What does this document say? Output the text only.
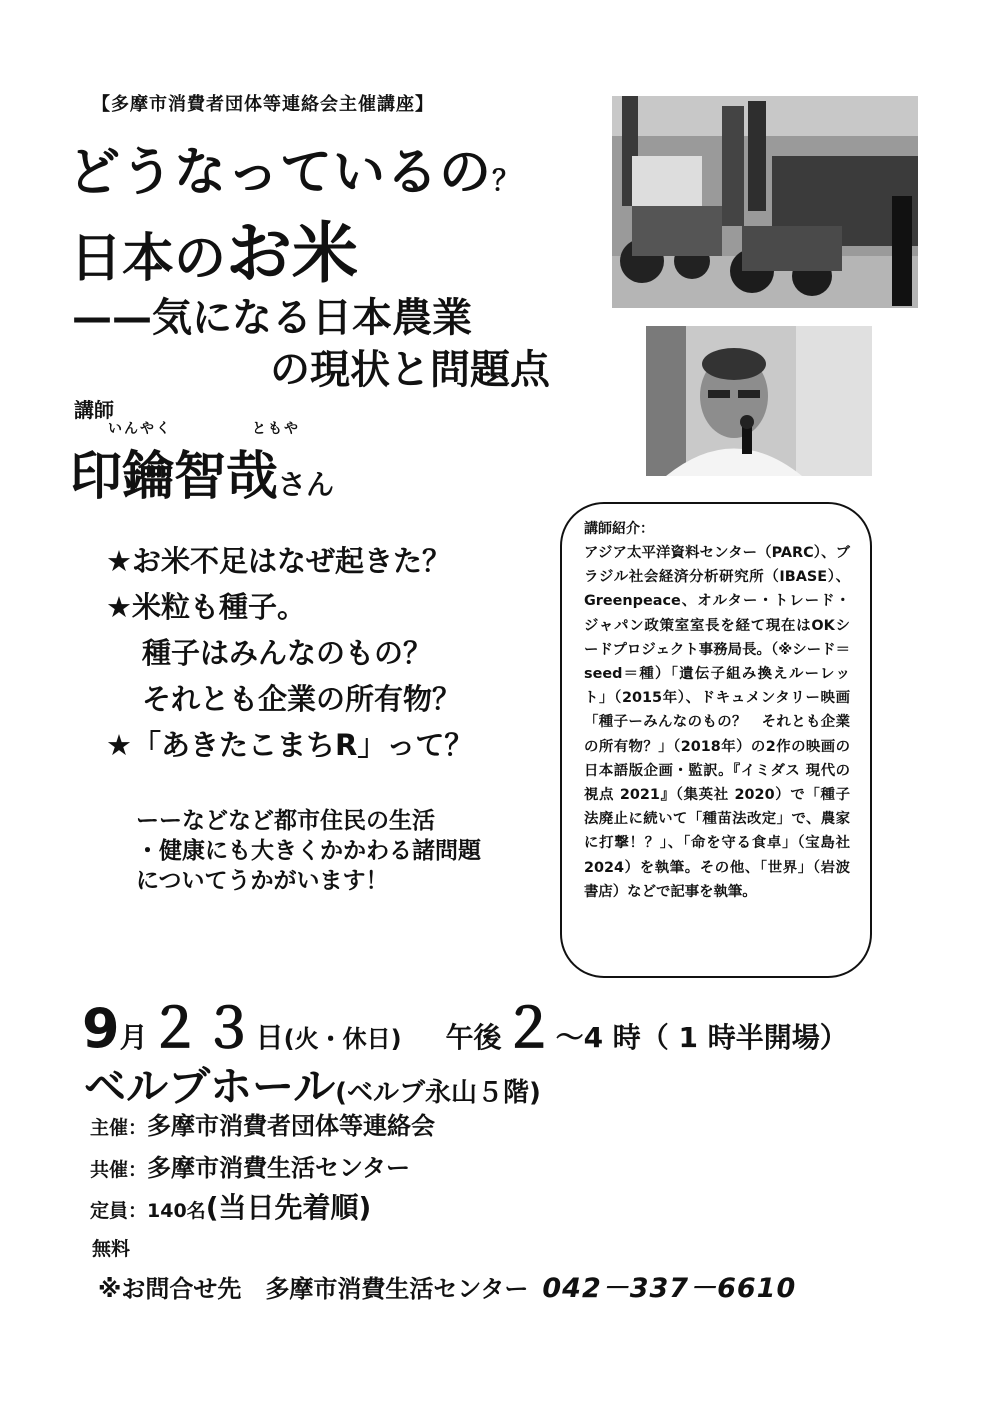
【多摩市消費者団体等連絡会主催講座】
どうなっているの？
日本のお米
——気になる日本農業
の現状と問題点
講師
いんやく	ともや
印鑰智哉さん
★お米不足はなぜ起きた？
★米粒も種子。
種子はみんなのもの？
それとも企業の所有物？
★「あきたこまちR」って？
ーーなどなど都市住民の生活
・健康にも大きくかかわる諸問題
についてうかがいます！
講師紹介：
アジア太平洋資料センター（PARC）、ブラジル社会経済分析研究所（IBASE）、Greenpeace、オルター・トレード・ジャパン政策室室長を経て現在はOKシードプロジェクト事務局長。（※シード＝seed＝種）「遺伝子組み換えルーレット」（2015年）、ドキュメンタリー映画「種子ーみんなのもの？　それとも企業の所有物？」（2018年）の2作の映画の日本語版企画・監訳。『イミダス 現代の視点 2021』（集英社 2020）で「種子法廃止に続いて「種苗法改定」で、農家に打撃！？」、「命を守る食卓」（宝島社 2024）を執筆。その他、「世界」（岩波書店）などで記事を執筆。
9月２３日(火・休日) 午後２～4 時（ 1 時半開場）
ベルブホール(ベルブ永山５階)
主催：多摩市消費者団体等連絡会
共催：多摩市消費生活センター
定員：140名(当日先着順)
無料
※お問合せ先　多摩市消費生活センター 042－337－6610
